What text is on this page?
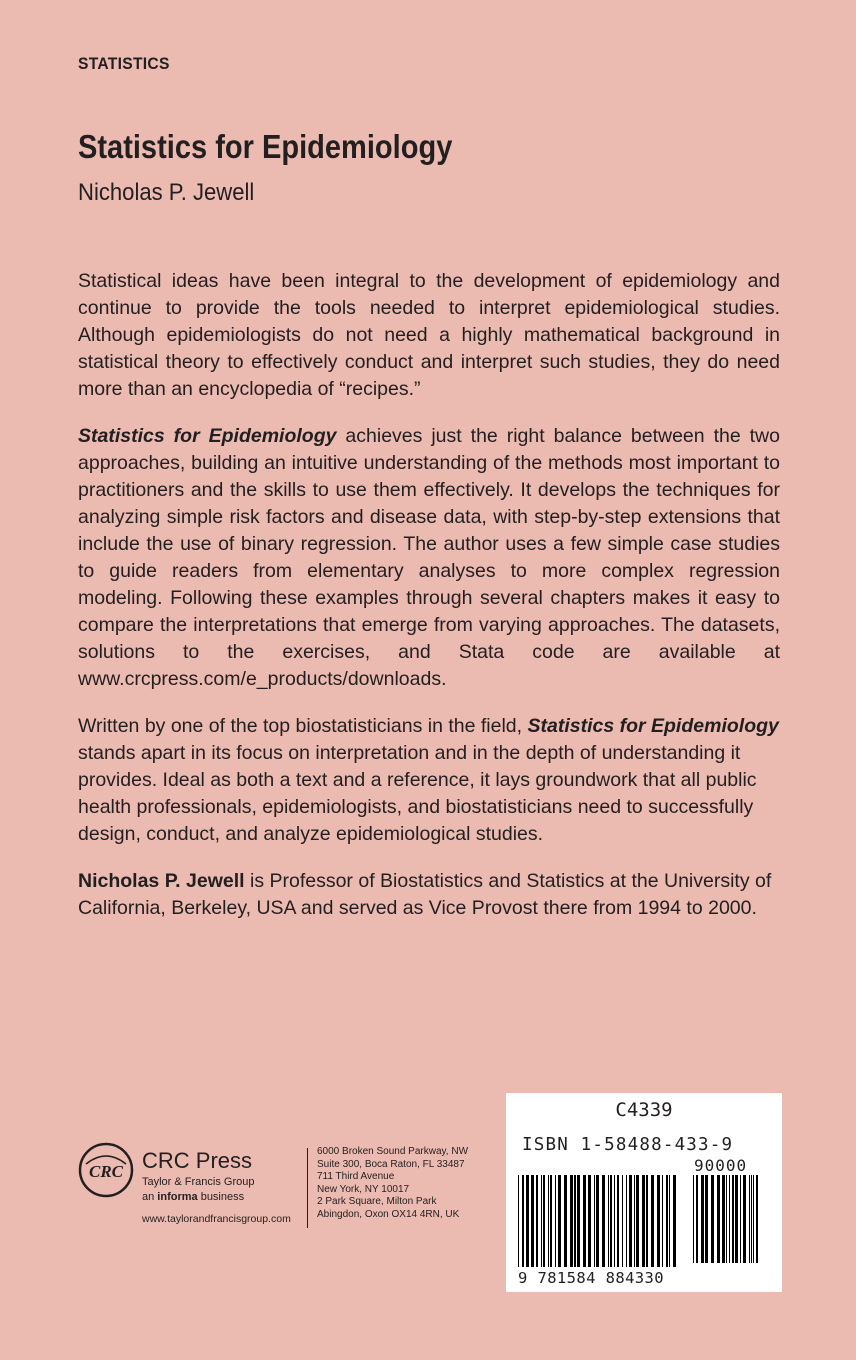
STATISTICS
Statistics for Epidemiology
Nicholas P. Jewell

Statistical ideas have been integral to the development of epidemiology and continue to provide the tools needed to interpret epidemiological studies. Although epidemiologists do not need a highly mathematical background in statistical theory to effectively conduct and interpret such studies, they do need more than an encyclopedia of “recipes.”

Statistics for Epidemiology achieves just the right balance between the two approaches, building an intuitive understanding of the methods most important to practitioners and the skills to use them effectively. It develops the techniques for analyzing simple risk factors and disease data, with step-by-step extensions that include the use of binary regression. The author uses a few simple case studies to guide readers from elementary analyses to more complex regression modeling. Following these examples through several chapters makes it easy to compare the interpretations that emerge from varying approaches. The datasets, solutions to the exercises, and Stata code are available at www.crcpress.com/e_products/downloads.

Written by one of the top biostatisticians in the field, Statistics for Epidemiology stands apart in its focus on interpretation and in the depth of understanding it provides. Ideal as both a text and a reference, it lays groundwork that all public health professionals, epidemiologists, and biostatisticians need to successfully design, conduct, and analyze epidemiological studies.

Nicholas P. Jewell is Professor of Biostatistics and Statistics at the University of California, Berkeley, USA and served as Vice Provost there from 1994 to 2000.

CRC CRC Press
Taylor & Francis Group
an informa business
www.taylorandfrancisgroup.com
6000 Broken Sound Parkway, NW
Suite 300, Boca Raton, FL 33487
711 Third Avenue
New York, NY 10017
2 Park Square, Milton Park
Abingdon, Oxon OX14 4RN, UK
C4339
ISBN 1-58488-433-9
90000
9 781584 884330
